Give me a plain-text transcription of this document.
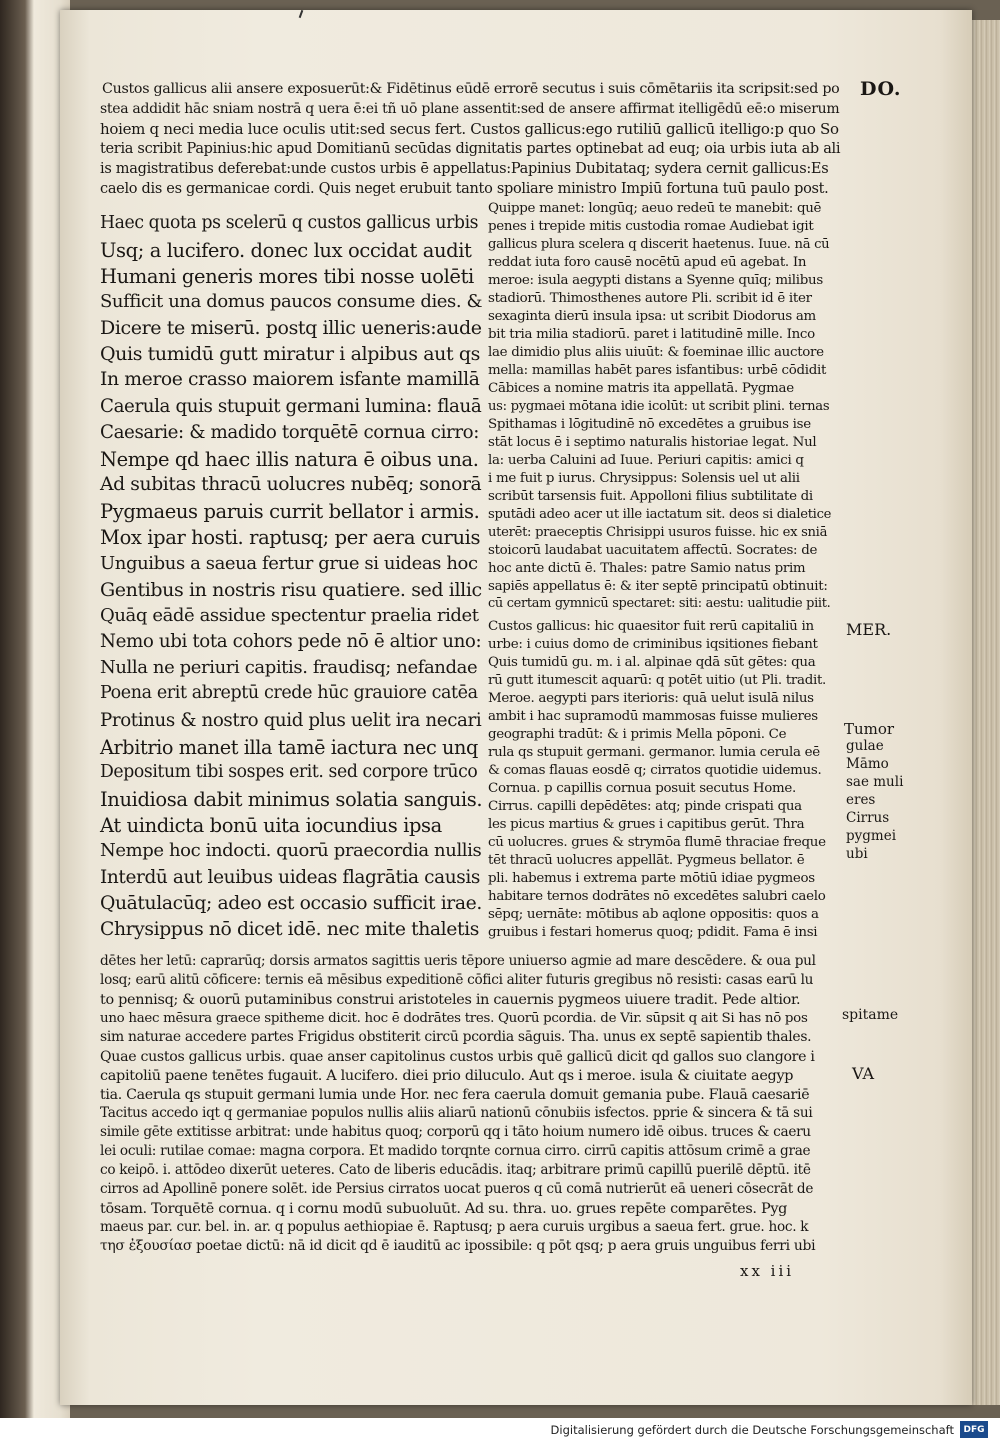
Custos gallicus alii ansere exposuerūt:& Fidētinus eūdē errorē secutus i suis cōmētariis ita scripsit:sed po
stea addidit hāc sniam nostrā q uera ē:ei tñ uō plane assentit:sed de ansere affirmat itelligēdū eē:o miserum
hoiem q neci media luce oculis utit:sed secus fert. Custos gallicus:ego rutiliū gallicū itelligo:p quo So
teria scribit Papinius:hic apud Domitianū secūdas dignitatis partes optinebat ad euq; oia urbis iuta ab ali
is magistratibus deferebat:unde custos urbis ē appellatus:Papinius Dubitataq; sydera cernit gallicus:Es
caelo dis es germanicae cordi. Quis neget erubuit tanto spoliare ministro Impiū fortuna tuū paulo post.
Haec quota ps scelerū q custos gallicus urbis
Usq; a lucifero. donec lux occidat audit
Humani generis mores tibi nosse uolēti
Sufficit una domus paucos consume dies. &
Dicere te miserū. postq illic ueneris:aude
Quis tumidū gutt miratur i alpibus aut qs
In meroe crasso maiorem isfante mamillā
Caerula quis stupuit germani lumina: flauā
Caesarie: & madido torquētē cornua cirro:
Nempe qd haec illis natura ē oibus una.
Ad subitas thracū uolucres nubēq; sonorā
Pygmaeus paruis currit bellator i armis.
Mox ipar hosti. raptusq; per aera curuis
Unguibus a saeua fertur grue si uideas hoc
Gentibus in nostris risu quatiere. sed illic
Quāq eādē assidue spectentur praelia ridet
Nemo ubi tota cohors pede nō ē altior uno:
Nulla ne periuri capitis. fraudisq; nefandae
Poena erit abreptū crede hūc grauiore catēa
Protinus & nostro quid plus uelit ira necari
Arbitrio manet illa tamē iactura nec unq
Depositum tibi sospes erit. sed corpore trūco
Inuidiosa dabit minimus solatia sanguis.
At uindicta bonū uita iocundius ipsa
Nempe hoc indocti. quorū praecordia nullis
Interdū aut leuibus uideas flagrātia causis
Quātulacūq; adeo est occasio sufficit irae.
Chrysippus nō dicet idē. nec mite thaletis
Quippe manet: longūq; aeuo redeū te manebit: quē
penes i trepide mitis custodia romae Audiebat igit
gallicus plura scelera q discerit haetenus. Iuue. nā cū
reddat iuta foro causē nocētū apud eū agebat. In
meroe: isula aegypti distans a Syenne quīq; milibus
stadiorū. Thimosthenes autore Pli. scribit id ē iter
sexaginta dierū insula ipsa: ut scribit Diodorus am
bit tria milia stadiorū. paret i latitudinē mille. Inco
lae dimidio plus aliis uiuūt: & foeminae illic auctore
mella: mamillas habēt pares isfantibus: urbē cōdidit
Cābices a nomine matris ita appellatā. Pygmae
us: pygmaei mōtana idie icolūt: ut scribit plini. ternas
Spithamas i lōgitudinē nō excedētes a gruibus ise
stāt locus ē i septimo naturalis historiae legat. Nul
la: uerba Caluini ad Iuue. Periuri capitis: amici q
i me fuit p iurus. Chrysippus: Solensis uel ut alii
scribūt tarsensis fuit. Appolloni filius subtilitate di
sputādi adeo acer ut ille iactatum sit. deos si dialetice
uterēt: praeceptis Chrisippi usuros fuisse. hic ex sniā
stoicorū laudabat uacuitatem affectū. Socrates: de
hoc ante dictū ē. Thales: patre Samio natus prim
sapiēs appellatus ē: & iter septē principatū obtinuit:
cū certam gymnicū spectaret: siti: aestu: ualitudie piit.
Custos gallicus: hic quaesitor fuit rerū capitaliū in
urbe: i cuius domo de criminibus iqsitiones fiebant
Quis tumidū gu. m. i al. alpinae qdā sūt gētes: qua
rū gutt itumescit aquarū: q potēt uitio (ut Pli. tradit.
Meroe. aegypti pars iterioris: quā uelut isulā nilus
ambit i hac supramodū mammosas fuisse mulieres
geographi tradūt: & i primis Mella pōponi. Ce
rula qs stupuit germani. germanor. lumia cerula eē
& comas flauas eosdē q; cirratos quotidie uidemus.
Cornua. p capillis cornua posuit secutus Home.
Cirrus. capilli depēdētes: atq; pinde crispati qua
les picus martius & grues i capitibus gerūt. Thra
cū uolucres. grues & strymōa flumē thraciae freque
tēt thracū uolucres appellāt. Pygmeus bellator. ē
pli. habemus i extrema parte mōtiū idiae pygmeos
habitare ternos dodrātes nō excedētes salubri caelo
sēpq; uernāte: mōtibus ab aqlone oppositis: quos a
gruibus i festari homerus quoq; pdidit. Fama ē insi
dētes her letū: caprarūq; dorsis armatos sagittis ueris tēpore uniuerso agmie ad mare descēdere. & oua pul
losq; earū alitū cōficere: ternis eā mēsibus expeditionē cōfici aliter futuris gregibus nō resisti: casas earū lu
to pennisq; & ouorū putaminibus construi aristoteles in cauernis pygmeos uiuere tradit. Pede altior.
uno haec mēsura graece spitheme dicit. hoc ē dodrātes tres. Quorū pcordia. de Vir. sūpsit q ait Si has nō pos
sim naturae accedere partes Frigidus obstiterit circū pcordia sāguis. Tha. unus ex septē sapientib thales.
Quae custos gallicus urbis. quae anser capitolinus custos urbis quē gallicū dicit qd gallos suo clangore i
capitoliū paene tenētes fugauit. A lucifero. diei prio diluculo. Aut qs i meroe. isula & ciuitate aegyp
tia. Caerula qs stupuit germani lumia unde Hor. nec fera caerula domuit gemania pube. Flauā caesariē
Tacitus accedo iqt q germaniae populos nullis aliis aliarū nationū cōnubiis isfectos. pprie & sincera & tā sui
simile gēte extitisse arbitrat: unde habitus quoq; corporū qq i tāto hoium numero idē oibus. truces & caeru
lei oculi: rutilae comae: magna corpora. Et madido torqnte cornua cirro. cirrū capitis attōsum crimē a grae
co keiρō. i. attōdeo dixerūt ueteres. Cato de liberis educādis. itaq; arbitrare primū capillū puerilē dēptū. itē
cirros ad Apollinē ponere solēt. ide Persius cirratos uocat pueros q cū comā nutrierūt eā ueneri cōsecrāt de
tōsam. Torquētē cornua. q i cornu modū subuoluūt. Ad su. thra. uo. grues repēte comparētes. Pyg
maeus par. cur. bel. in. ar. q populus aethiopiae ē. Raptusq; p aera curuis urgibus a saeua fert. grue. hoc. k
τησ ἐξουσίασ poetae dictū: nā id dicit qd ē iauditū ac ipossibile: q pōt qsq; p aera gruis unguibus ferri ubi
DO.
MER.
Tumor
gulae
Māmo
sae muli
eres
Cirrus
pygmei
ubi
spitame
VA
xx iii
Digitalisierung gefördert durch die Deutsche Forschungsgemeinschaft	DFG
